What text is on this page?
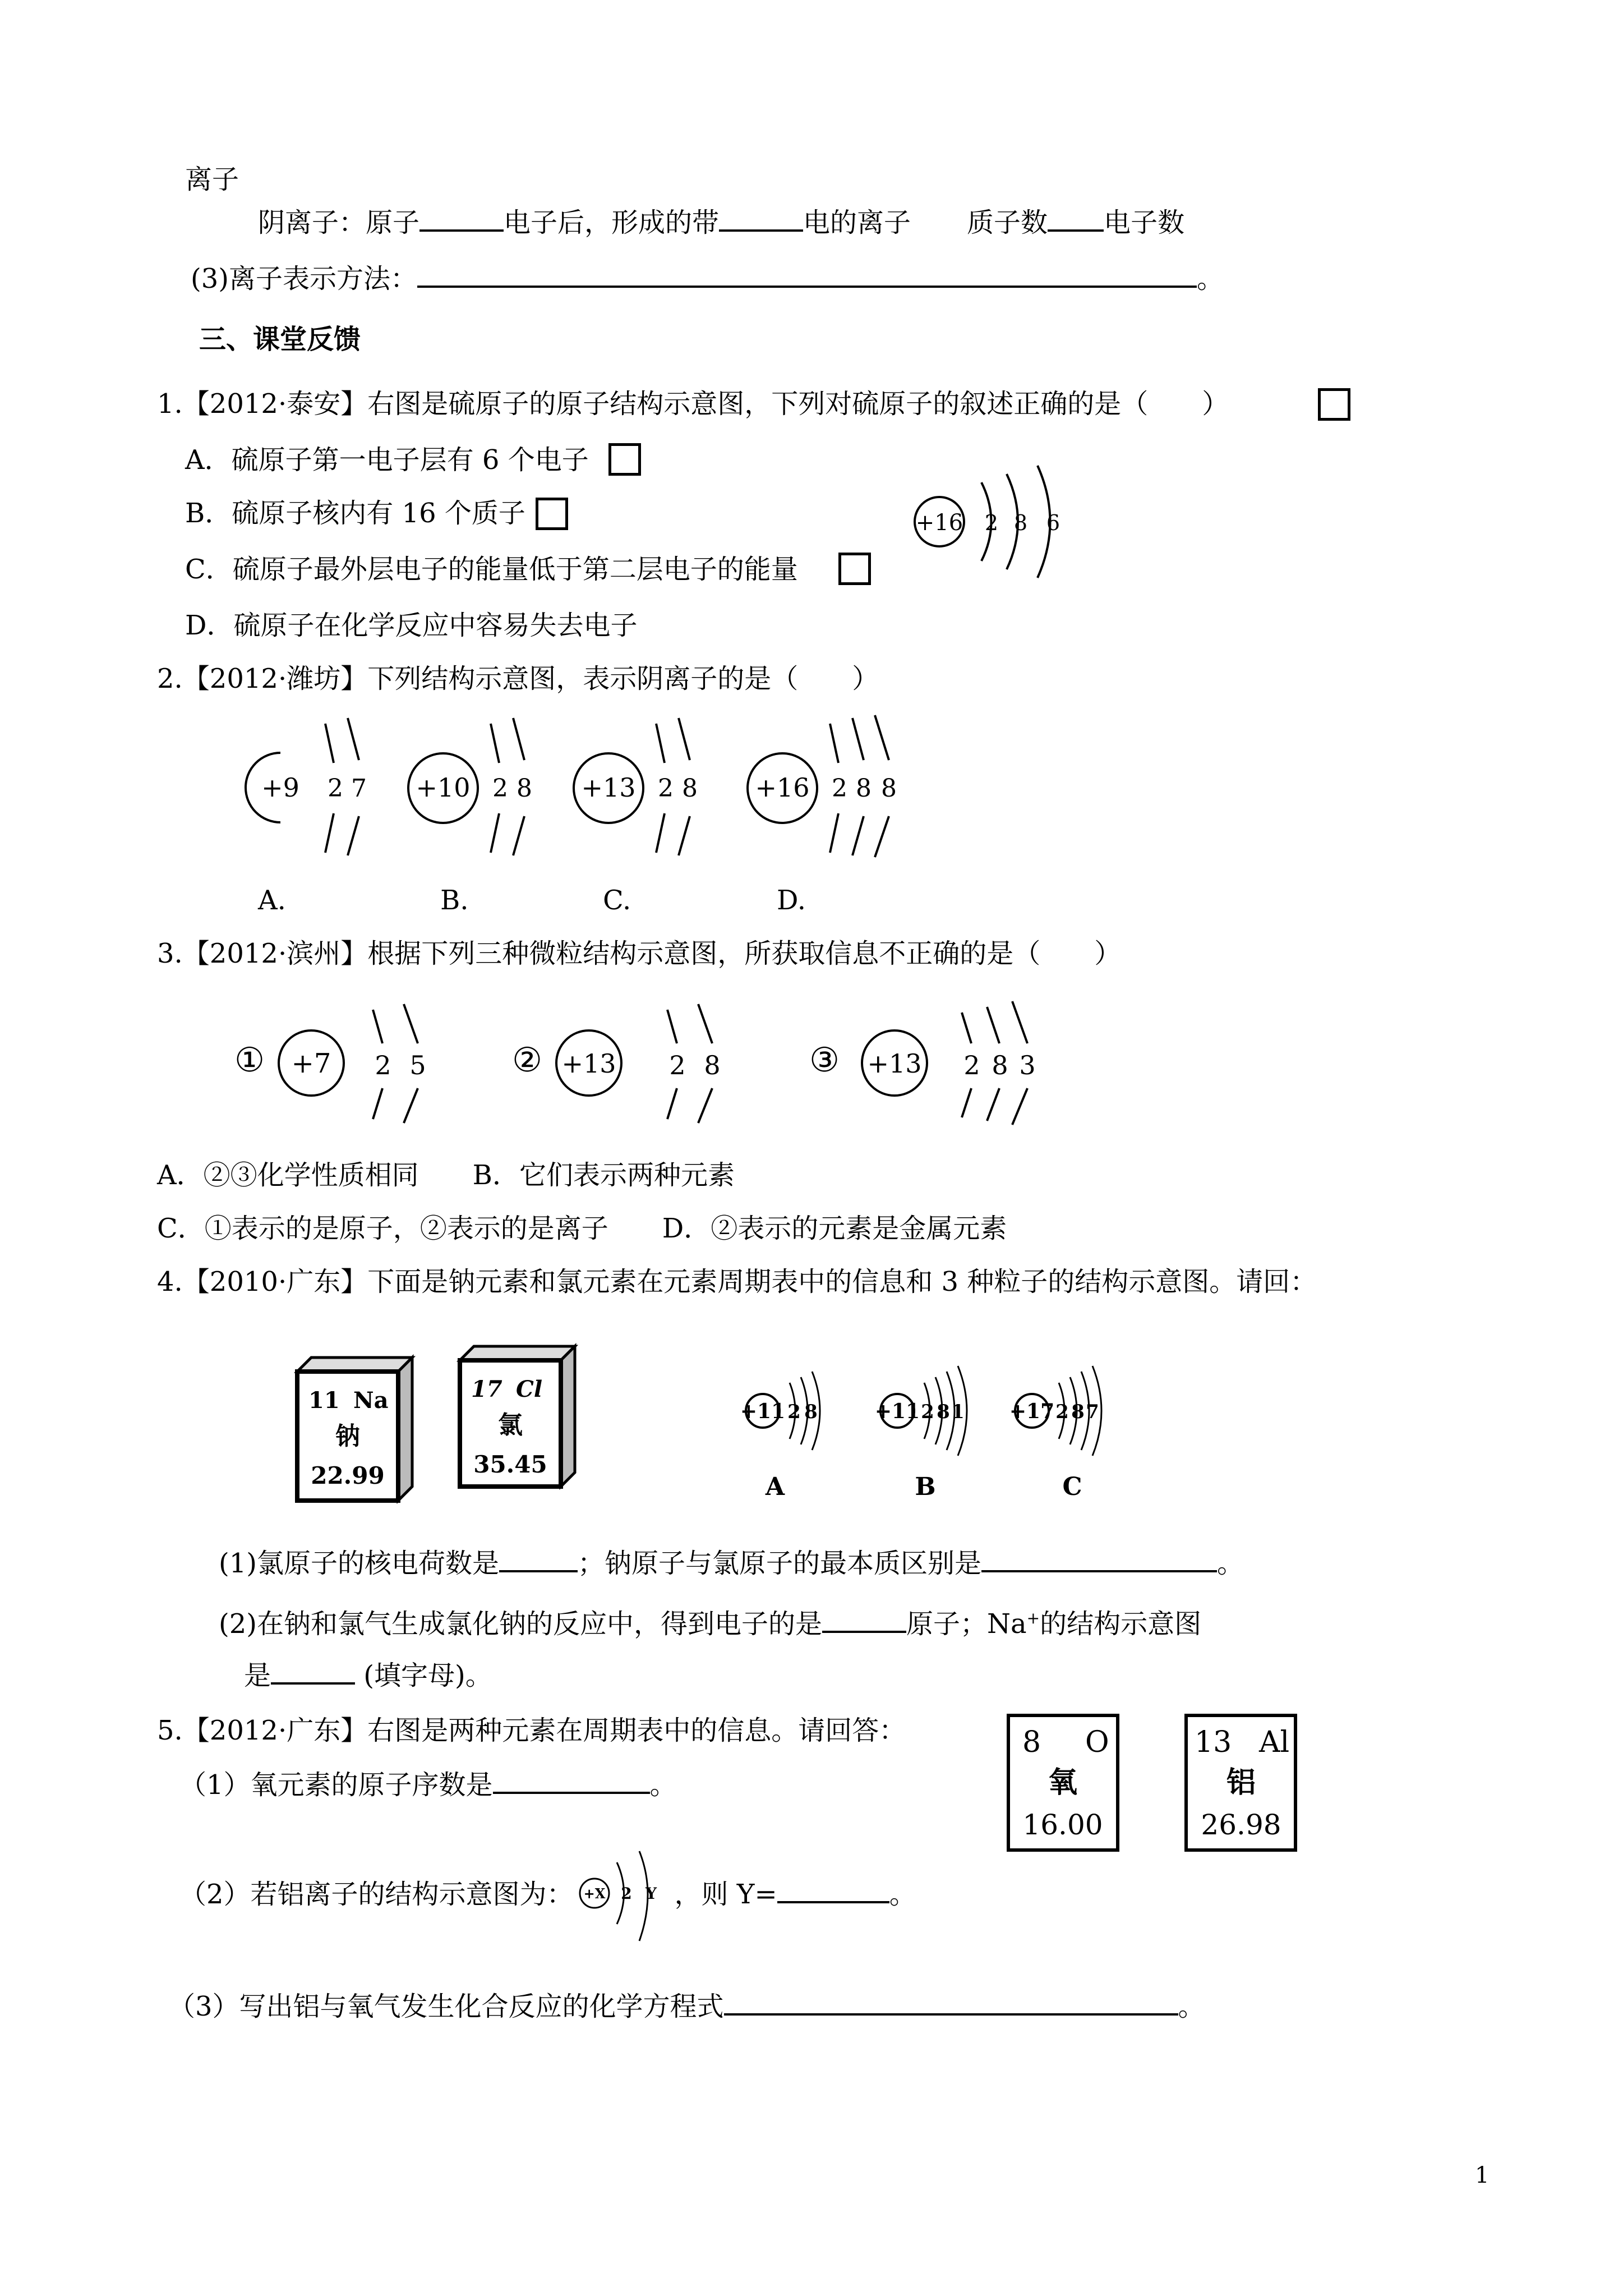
离子
阴离子：原子	电子后，形成的带	电的离子 质子数 电子数
(3)离子表示方法：	。
三、课堂反馈
1.【2012·泰安】右图是硫原子的原子结构示意图，下列对硫原子的叙述正确的是（　　）
A．硫原子第一电子层有 6 个电子
B．硫原子核内有 16 个质子
C．硫原子最外层电子的能量低于第二层电子的能量
D．硫原子在化学反应中容易失去电子
+16 2 8 6
2.【2012·潍坊】下列结构示意图，表示阴离子的是（　　）
+9 2 7 +10 2 8 +13 2 8 +16 2 8 8
A.	B.	C.	D.
3.【2012·滨州】根据下列三种微粒结构示意图，所获取信息不正确的是（　　）
① +7 2 5	② +13 2 8	③ +13 2 8 3
A．②③化学性质相同　　B．它们表示两种元素
C．①表示的是原子，②表示的是离子　　D．②表示的元素是金属元素
4.【2010·广东】下面是钠元素和氯元素在元素周期表中的信息和 3 种粒子的结构示意图。请回：
11 Na
钠
22.99
17 Cl
氯
35.45
+11 2 8
A
+11 2 8 1
B
+17 2 8 7
C
(1)氯原子的核电荷数是	；钠原子与氯原子的最本质区别是	。
(2)在钠和氯气生成氯化钠的反应中，得到电子的是	原子；Na+的结构示意图
是	(填字母)。
5.【2012·广东】右图是两种元素在周期表中的信息。请回答：	8 O
氧
16.00
13 Al
铝
26.98
（1）氧元素的原子序数是	。
（2）若铝离子的结构示意图为：	，则 Y=	。
+X 2 Y
（3）写出铝与氧气发生化合反应的化学方程式	。
1
